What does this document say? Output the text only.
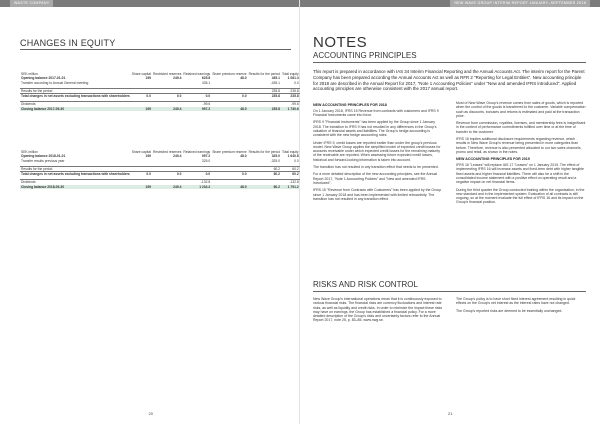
WASTE COMPANY
CHANGES IN EQUITY
SEK million	Share capital	Restricted reserves	Retained earnings	Share premium reserve	Results for the period	Total equity
Opening balance 2017-01-01	199	249.4	625.8	48.0	435.1	1 081.4
Transfer according to Annual General meeting			435.1		-435.1	0.0

Results for the period					235.8	235.8
Total changes in net assets excluding transactions with shareholders	0.0	0.0	0.0	0.0	235.8	235.8

Dividends			-99.6			-99.6
Closing balance 2017-09-30	199	249.4	997.2	48.0	235.8	1 730.6
SEK million	Share capital	Restricted reserves	Retained earnings	Share premium reserve	Results for the period	Total equity
Opening balance 2018-01-01	199	249.4	997.2	48.0	325.0	1 640.8
Transfer results previous year			325.0		-325.0	0.0

Results for the period					60.2	60.2
Total changes in net assets excluding transactions with shareholders	0.0	0.0	0.0	0.0	60.2	60.2

Dividends			-132.8			-132.8
Closing balance 2018-09-30	199	249.4	1 234.2	48.0	60.2	1 791.2
20
NEW WAVE GROUP INTERIM REPORT JANUARY–SEPTEMBER 2018
NOTES
ACCOUNTING PRINCIPLES
This report is prepared in accordance with IAS 34 Interim Financial Reporting and the Annual Accounts Act. The interim report for the Parent Company has been prepared according the Annual Accounts Act as well as RFR 2 "Reporting for Legal Entities". New accounting principle for 2018 are described in the Annual Report for 2017, "Note 1 Accounting Policies" under "New and amended IFRS introduced". Applied accounting principles are otherwise consistent with the 2017 annual report.
NEW ACCOUNTING PRINCIPLES FOR 2018

On 1 January 2018, IFRS 15 Revenue from contracts with customers and IFRS 9 Financial Instruments came into force.

IFRS 9 "Financial Instruments" has been applied by the Group since 1 January 2018. The transition to IFRS 9 has not resulted in any differences in the Group's valuation of financial assets and liabilities. The Group's hedge accounting is consistent with the new hedge accounting rules.

Under IFRS 9, credit losses are reported earlier than under the group's previous model. New Wave Group applies the simplified model of expected credit losses for accounts receivable under which expected credit losses for the remaining maturity of the receivable are reported. When assessing future expected credit losses, historical and forward-looking information is taken into account.

The transition has not resulted in any transition effect that needs to be presented.

For a more detailed description of the new accounting principles, see the Annual Report 2017, "Note 1 Accounting Policies" and "New and amended IFRS introduced".

IFRS 15 "Revenue from Contracts with Customers" has been applied by the Group since 1 January 2018 and has been implemented with limited retroactivity. The transition has not resulted in any transition effect.

Most of New Wave Group's revenue comes from sales of goods, which is reported when the control of the goods is transferred to the customer. Variable compensation such as discounts, bonuses and returns is estimated and paid at the transaction price.

Revenue from commission, royalties, licenses, and membership fees is insignificant in the context of performance commitments fulfilled over time or at the time of transfer to the customer.

IFRS 15 implies additional disclosure requirements regarding revenue, which results in New Wave Group's revenue being presented in more categories than before. Therefore, revenue is also presented allocated to our two sales channels, promo and retail, as shown in the notes.

NEW ACCOUNTING PRINCIPLES FOR 2019

IFRS 16 "Leases" will replace IAS 17 "Leases" on 1 January 2019. The effect of implementing IFRS 16 will increase assets and fixed-term debt with higher tangible fixed assets and higher financial liabilities. There will also be a shift in the consolidated income statement with a positive effect on operating result and a negative impact on net financial items.

During the third quarter the Group conducted training within the organisation, in the new standard and in the implemented system. Evaluation of all contracts is still ongoing, so at the moment evaluate the full effect of IFRS 16 and its impact on the Group's financial position.

RISKS AND RISK CONTROL

New Wave Group's international operations mean that it is continuously exposed to various financial risks. The financial risks are currency fluctuations and interest rate risks, as well as liquidity and credit risks. In order to minimize the impact these risks may have on earnings, the Group has established a financial policy. For a more detailed description of the Group's risks and uncertainty factors refer to the Annual Report 2017, note 25, p. 83–85. www.nwg.se.

The Group's policy is to have short fixed interest agreement resulting in quick effects on the Group's net interest as the interest rates have not changed.

The Group's reported risks are deemed to be essentially unchanged.

21
